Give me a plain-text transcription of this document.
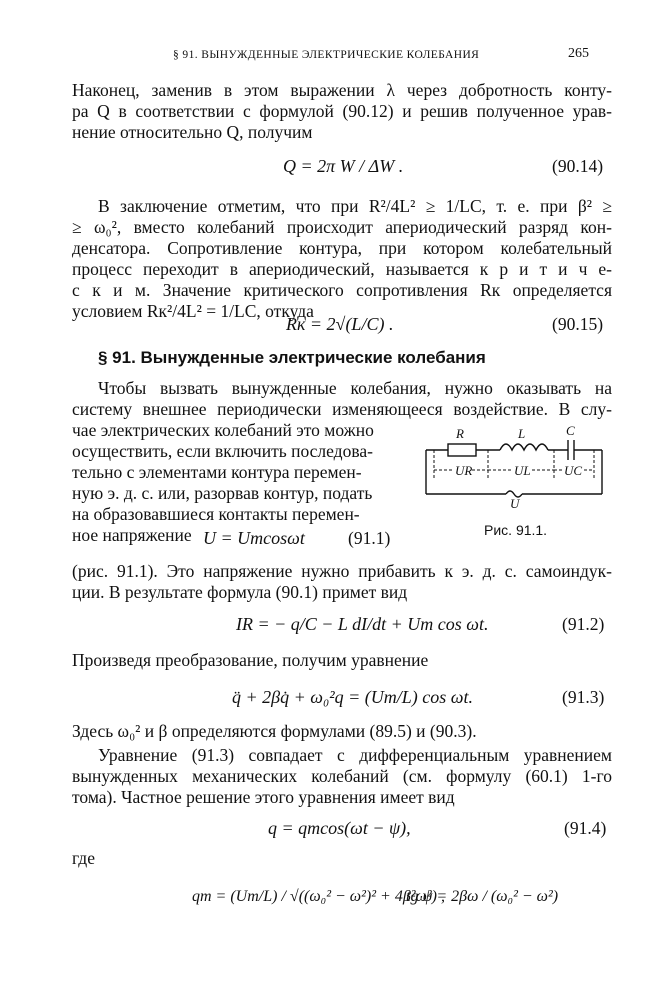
§ 91. ВЫНУЖДЕННЫЕ ЭЛЕКТРИЧЕСКИЕ КОЛЕБАНИЯ	265
Наконец, заменив в этом выражении λ через добротность конту-
ра Q в соответствии с формулой (90.12) и решив полученное урав-
нение относительно Q, получим
Q = 2π W / ΔW .	(90.14)
В заключение отметим, что при R²/4L² ≥ 1/LC, т. е. при β² ≥
≥ ω₀², вместо колебаний происходит апериодический разряд кон-
денсатора. Сопротивление контура, при котором колебательный
процесс переходит в апериодический, называется к р и т и ч е-
с к и м. Значение критического сопротивления Rк определяется
условием Rк²/4L² = 1/LC, откуда
Rк = 2√(L/C) .	(90.15)
§ 91. Вынужденные электрические колебания
Чтобы вызвать вынужденные колебания, нужно оказывать на
систему внешнее периодически изменяющееся воздействие. В слу-
чае электрических колебаний это можно
осуществить, если включить последова-
тельно с элементами контура перемен-
ную э. д. с. или, разорвав контур, подать
на образовавшиеся контакты перемен-
ное напряжение
R	L	C
UR	UL	UC
U
Рис. 91.1.
U = Umcosωt (91.1)
(рис. 91.1). Это напряжение нужно прибавить к э. д. с. самоиндук-
ции. В результате формула (90.1) примет вид
IR = − q/C − L dI/dt + Um cos ωt.	(91.2)
Произведя преобразование, получим уравнение
q̈ + 2βq̇ + ω₀²q = (Um/L) cos ωt.	(91.3)
Здесь ω₀² и β определяются формулами (89.5) и (90.3).
Уравнение (91.3) совпадает с дифференциальным уравнением
вынужденных механических колебаний (см. формулу (60.1) 1-го
тома). Частное решение этого уравнения имеет вид
q = qmcos(ωt − ψ),	(91.4)
где
qm = (Um/L) / √((ω₀² − ω²)² + 4β²ω²) ,
tg ψ = 2βω / (ω₀² − ω²)
